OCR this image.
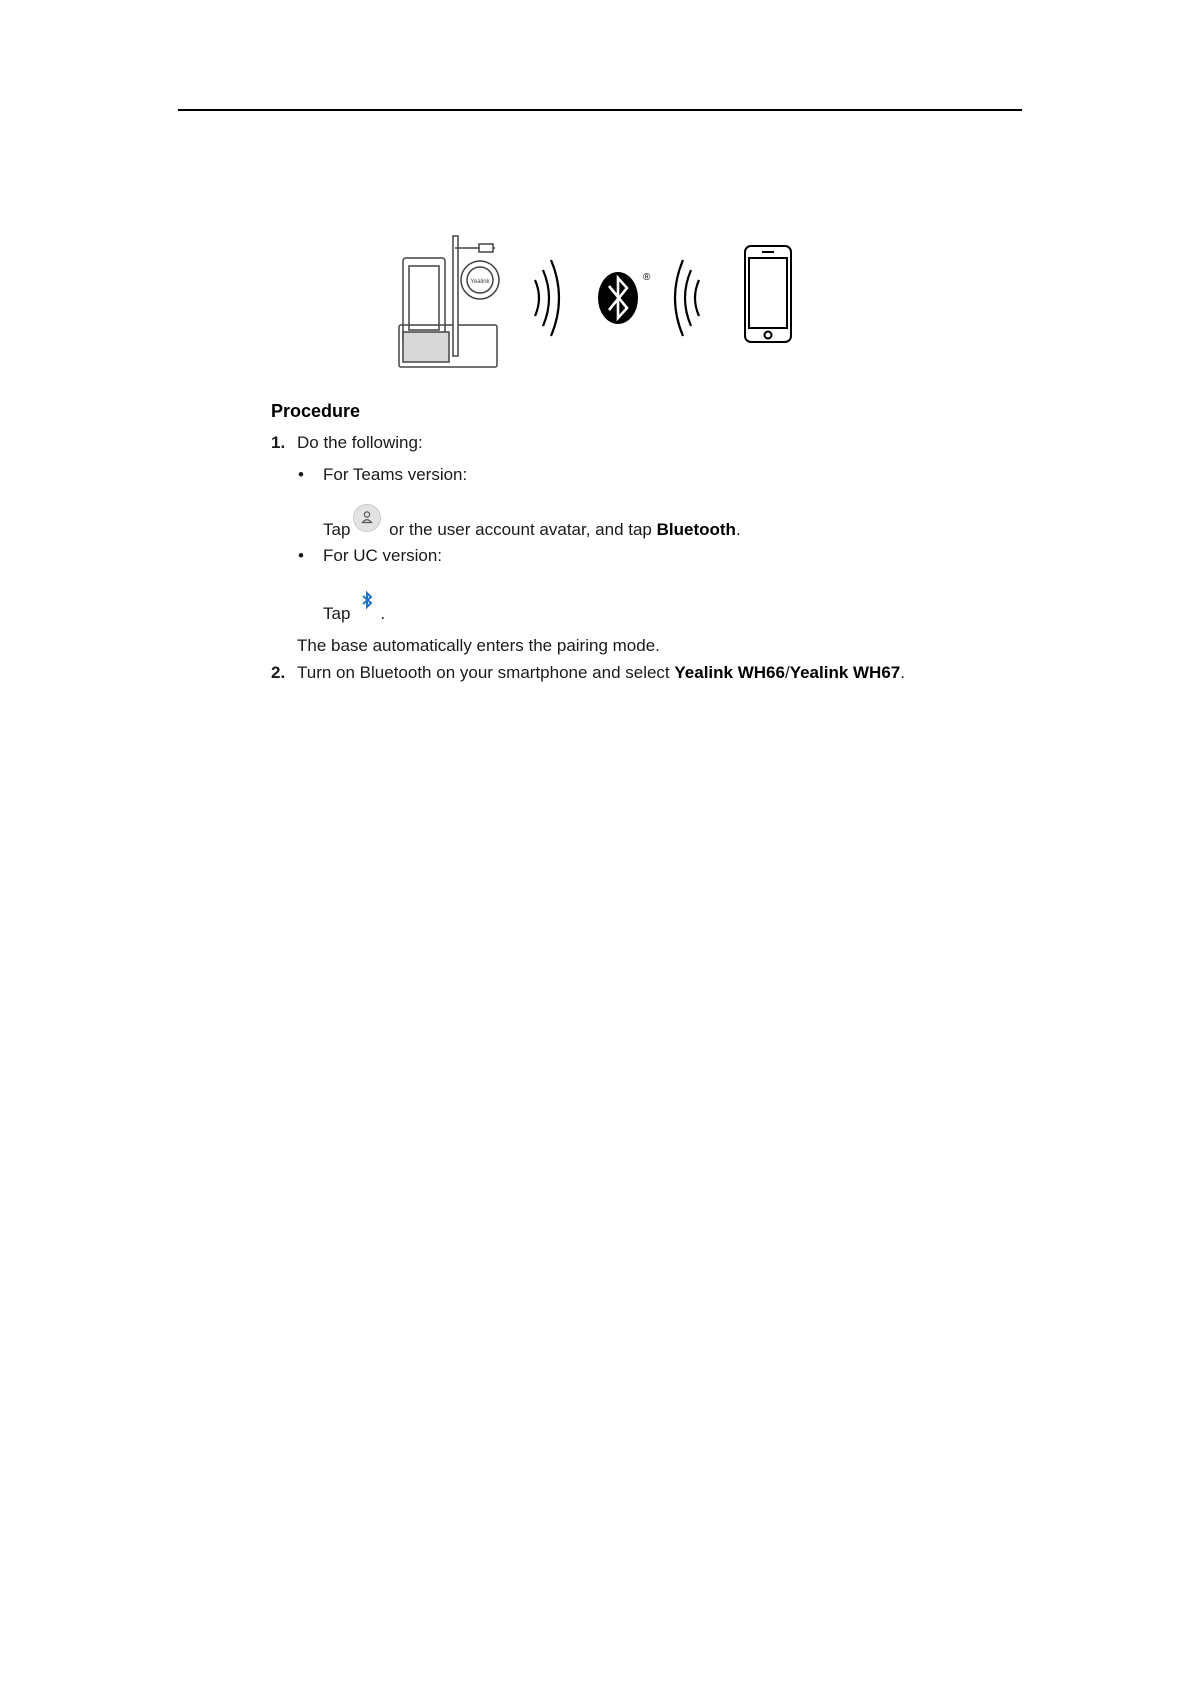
Yealink	®
Procedure
1. Do the following:
• For Teams version:
Tap or the user account avatar, and tap Bluetooth.
• For UC version:
Tap .
The base automatically enters the pairing mode.
2. Turn on Bluetooth on your smartphone and select Yealink WH66/Yealink WH67.
